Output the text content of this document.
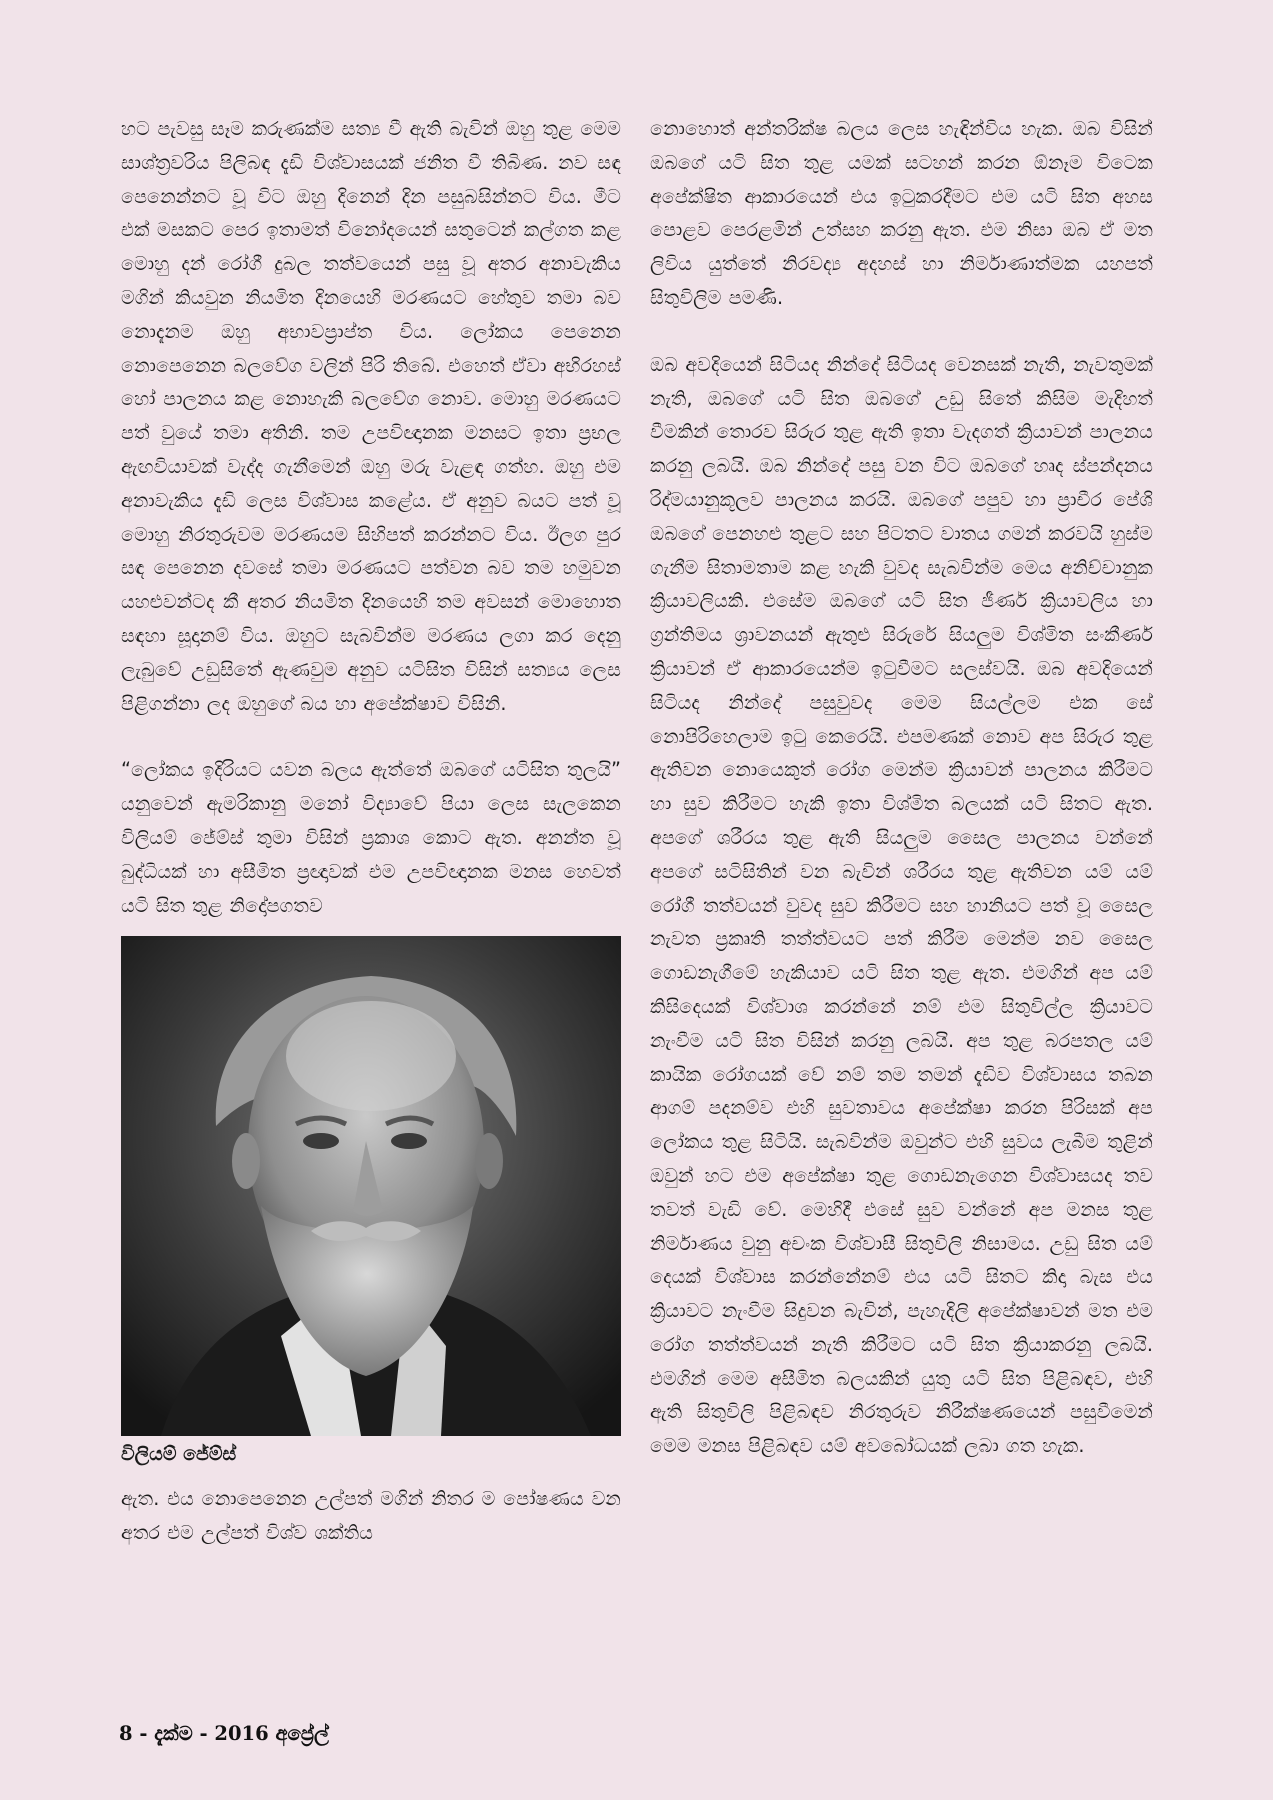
හට පැවසු සෑම කරුණක්ම සත්‍ය වී ඇති බැවින් ඔහු තුළ මෙම සාශ්ත්‍රවරිය පිලිබඳ දැඩි විශ්වාසයක් ජනිත වී තිබිණ. නව සඳ පෙනෙන්නට වූ විට ඔහු දිනෙන් දින පසුබසින්නට විය. මීට එක් මසකට පෙර ඉතාමත් විනෝදයෙන් සතුටෙන් කල්ගත කළ මොහු දන් රෝගී දුබල තත්වයෙන් පසු වූ අතර අනාවැකිය මගින් කියවුන නියමිත දිනයෙහි මරණයට හේතුව තමා බව නොදැනම ඔහු අභාවප්‍රාප්ත විය. ලෝකය පෙනෙන නොපෙනෙන බලවේග වලින් පිරි තිබේ. එහෙත් ඒවා අභිරහස් හෝ පාලනය කළ නොහැකි බලවේග නොව. මොහු මරණයට පත් වුයේ තමා අතිනි. තම උපවිඥානක මනසට ඉතා ප්‍රභල ඇඟවියාවක් වැද්ද ගැනීමෙන් ඔහු මරු වැළඳ ගත්හ. ඔහු එම අනාවැකිය දැඩි ලෙස විශ්වාස කළේය. ඒ අනුව බයට පත් වූ මොහු නිරතුරුවම මරණයම සිහිපත් කරන්නට විය. ඊලග පුර සඳ පෙනෙන දවසේ තමා මරණයට පත්වන බව තම හමුවන යහළුවන්ටද කී අතර නියමිත දිනයෙහි තම අවසන් මොහොත සඳහා සූදානම් විය. ඔහුට සැබවින්ම මරණය ලගා කර දෙනු ලැබුවේ උඩුසිතේ ඇණවුම අනුව යටිසිත විසින් සත්‍යය ලෙස පිළිගන්නා ලද ඔහුගේ බය හා අපේක්ෂාව විසිනි.

“ලෝකය ඉදිරියට යවන බලය ඇත්තේ ඔබගේ යටිසිත තුලයි” යනුවෙන් ඇමරිකානු මනෝ විද්‍යාවේ පියා ලෙස සැලකෙන විලියම් ජේම්ස් තුමා විසින් ප්‍රකාශ කොට ඇත. අනන්ත වූ බුද්ධියක් හා අසීමිත ප්‍රඥාවක් එම උපවිඥානක මනස හෙවත් යටි සිත තුළ නිදෝපගතව

විලියම් ජේම්ස්

ඇත. එය නොපෙනෙන උල්පත් මගින් නිතර ම පෝෂණය වන අතර එම උල්පත් විශ්ව ශක්තිය

නොහොත් අන්තරික්ෂ බලය ලෙස හැඳින්විය හැක. ඔබ විසින් ඔබගේ යටි සිත තුළ යමක් සටහන් කරන ඕනෑම විටෙක අපේක්ෂිත ආකාරයෙන් එය ඉටුකරදීමට එම යටි සිත අහස පොළව පෙරළමින් උත්සහ කරනු ඇත. එම නිසා ඔබ ඒ මත ලිවිය යුත්තේ නිරවද්‍ය අදහස් හා නිර්මාණාත්මක යහපත් සිතුවිලිම පමණි.

ඔබ අවදියෙන් සිටියද නින්දේ සිටියද වෙනසක් නැති, නැවතුමක් නැති, ඔබගේ යටි සිත ඔබගේ උඩු සිතේ කිසිම මැදිහත් වීමකින් තොරව සිරුර තුළ ඇති ඉතා වැදගත් ක්‍රියාවන් පාලනය කරනු ලබයි. ඔබ නින්දේ පසු වන විට ඔබගේ හෘද ස්පන්දනය රිද්මයානුකූලව පාලනය කරයි. ඔබගේ පපුව හා ප්‍රාචීර පේශි ඔබගේ පෙනහළු තුළට සහ පිටතට වාතය ගමන් කරවයි හුස්ම ගැනීම සිතාමතාම කළ හැකි වුවද සැබවින්ම මෙය අනිච්චානුක ක්‍රියාවලියකි. එසේම ඔබගේ යටි සිත ජීර්ණ ක්‍රියාවලිය හා ග්‍රන්තිමය ශ්‍රාවනයන් ඇතුළු සිරුරේ සියලුම විශ්මිත සංකීර්ණ ක්‍රියාවන් ඒ ආකාරයෙන්ම ඉටුවීමට සලස්වයි. ඔබ අවදියෙන් සිටියද නින්දේ පසුවුවද මෙම සියල්ලම එක සේ නොපිරිහෙලාම ඉටු කෙරෙයි. එපමණක් නොව අප සිරුර තුළ ඇතිවන නොයෙකුත් රෝග මෙන්ම ක්‍රියාවන් පාලනය කිරීමට හා සුව කිරීමට හැකි ඉතා විශ්මිත බලයක් යටි සිතට ඇත. අපගේ ශරීරය තුළ ඇති සියලුම සෛල පාලනය වන්නේ අපගේ සටිසිතින් වන බැවින් ශරීරය තුළ ඇතිවන යම් යම් රෝගී තත්වයන් වුවද සුව කිරීමට සහ හානියට පත් වූ සෛල නැවත ප්‍රකෘති තත්ත්වයට පත් කිරීම මෙන්ම නව සෛල ගොඩනැගීමේ හැකියාව යටි සිත තුළ ඇත. එමගින් අප යම් කිසිදෙයක් විශ්වාශ කරන්නේ නම් එම සිතුවිල්ල ක්‍රියාවට නැංවීම යටි සිත විසින් කරනු ලබයි. අප තුළ බරපතල යම් කායික රෝගයක් වේ නම් තම තමන් දැඩිව විශ්වාසය තබන ආගම් පදනම්ව එහි සුවතාවය අපේක්ෂා කරන පිරිසක් අප ලෝකය තුළ සිටියි. සැබවින්ම ඔවුන්ට එහි සුවය ලැබීම තුළින් ඔවුන් හට එම අපේක්ෂා තුළ ගොඩනැගෙන විශ්වාසයද තව තවත් වැඩි වේ. මෙහිදී එසේ සුව වන්නේ අප මනස තුළ නිර්මාණය වුනු අචංක විශ්වාසී සිතුවිලි නිසාමය. උඩු සිත යම් දෙයක් විශ්වාස කරන්නේනම් එය යටි සිතට කිදා බැස එය ක්‍රියාවට නැංවීම සිදුවන බැවින්, පැහැදිලි අපේක්ෂාවන් මත එම රෝග තත්ත්වයන් නැති කිරීමට යටි සිත ක්‍රියාකරනු ලබයි. එමගින් මෙම අසීමිත බලයකින් යුතු යටි සිත පිළිබඳව, එහි ඇති සිතුවිලි පිළිබඳව නිරතුරුව නිරීක්ෂණයෙන් පසුවීමෙන් මෙම මනස පිළිබඳව යම් අවබෝධයක් ලබා ගත හැක.

8 - දැක්ම - 2016 අප්‍රේල්
